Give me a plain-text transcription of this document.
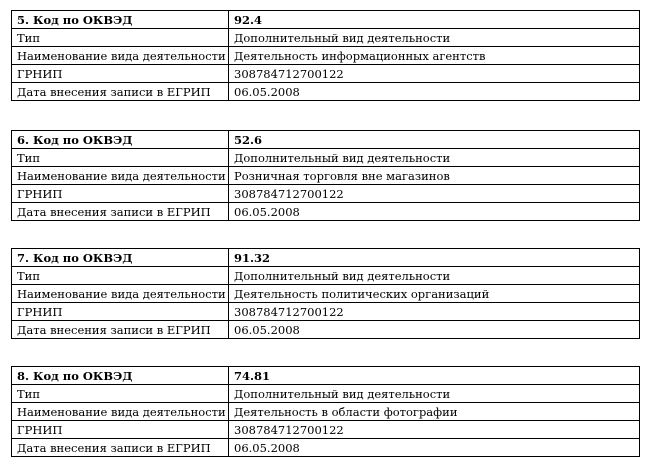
5. Код по ОКВЭД	92.4
Тип	Дополнительный вид деятельности
Наименование вида деятельности	Деятельность информационных агентств
ГРНИП	308784712700122
Дата внесения записи в ЕГРИП	06.05.2008
6. Код по ОКВЭД	52.6
Тип	Дополнительный вид деятельности
Наименование вида деятельности	Розничная торговля вне магазинов
ГРНИП	308784712700122
Дата внесения записи в ЕГРИП	06.05.2008
7. Код по ОКВЭД	91.32
Тип	Дополнительный вид деятельности
Наименование вида деятельности	Деятельность политических организаций
ГРНИП	308784712700122
Дата внесения записи в ЕГРИП	06.05.2008
8. Код по ОКВЭД	74.81
Тип	Дополнительный вид деятельности
Наименование вида деятельности	Деятельность в области фотографии
ГРНИП	308784712700122
Дата внесения записи в ЕГРИП	06.05.2008
